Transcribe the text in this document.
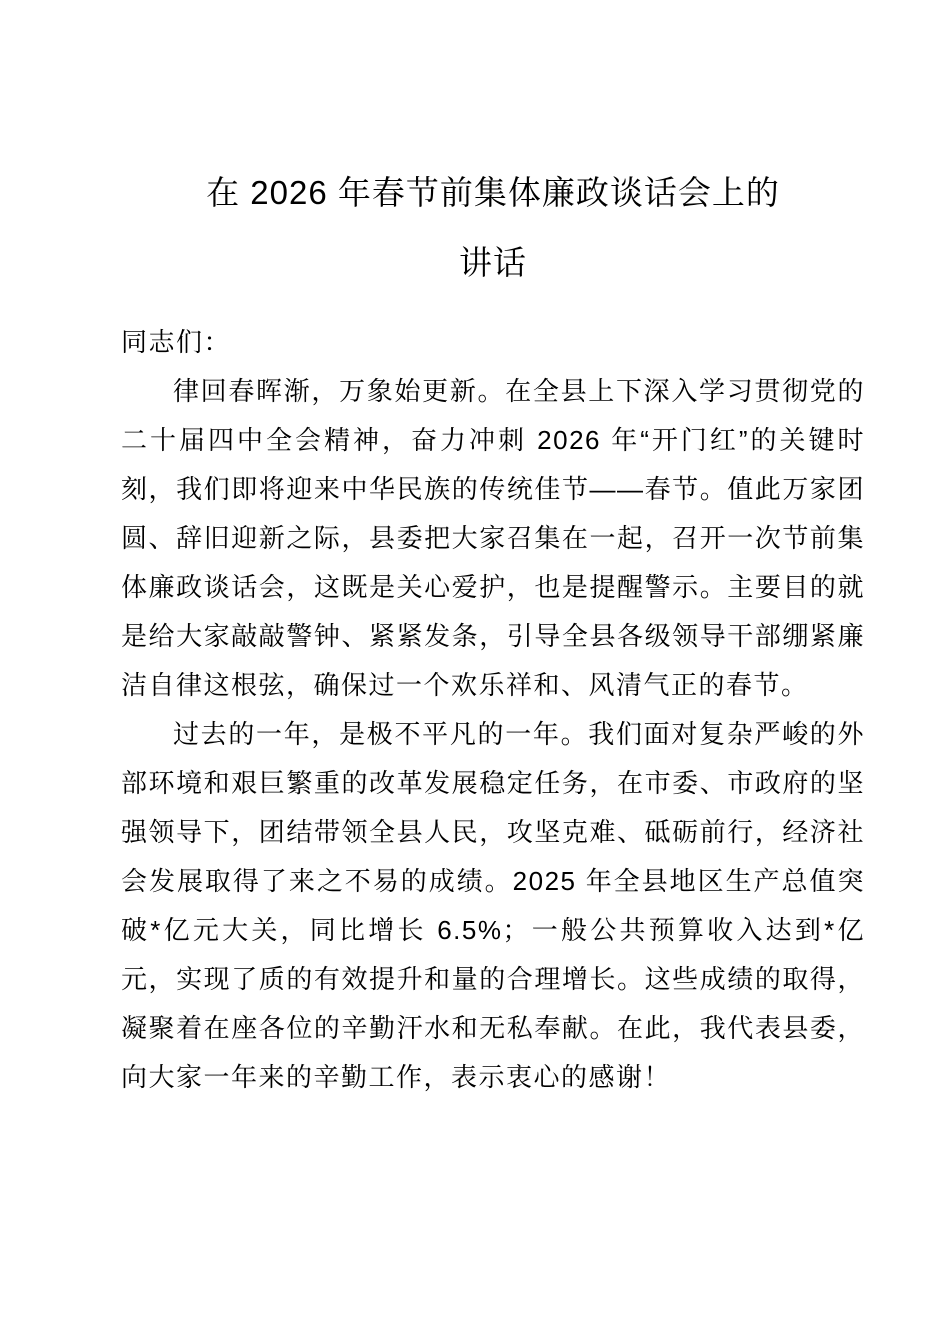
在 2026 年春节前集体廉政谈话会上的
讲话

同志们：

律回春晖渐，万象始更新。在全县上下深入学习贯彻党的二十届四中全会精神，奋力冲刺 2026 年“开门红”的关键时刻，我们即将迎来中华民族的传统佳节——春节。值此万家团圆、辞旧迎新之际，县委把大家召集在一起，召开一次节前集体廉政谈话会，这既是关心爱护，也是提醒警示。主要目的就是给大家敲敲警钟、紧紧发条，引导全县各级领导干部绷紧廉洁自律这根弦，确保过一个欢乐祥和、风清气正的春节。

过去的一年，是极不平凡的一年。我们面对复杂严峻的外部环境和艰巨繁重的改革发展稳定任务，在市委、市政府的坚强领导下，团结带领全县人民，攻坚克难、砥砺前行，经济社会发展取得了来之不易的成绩。2025 年全县地区生产总值突破*亿元大关，同比增长 6.5%；一般公共预算收入达到*亿元，实现了质的有效提升和量的合理增长。这些成绩的取得，凝聚着在座各位的辛勤汗水和无私奉献。在此，我代表县委，向大家一年来的辛勤工作，表示衷心的感谢！
